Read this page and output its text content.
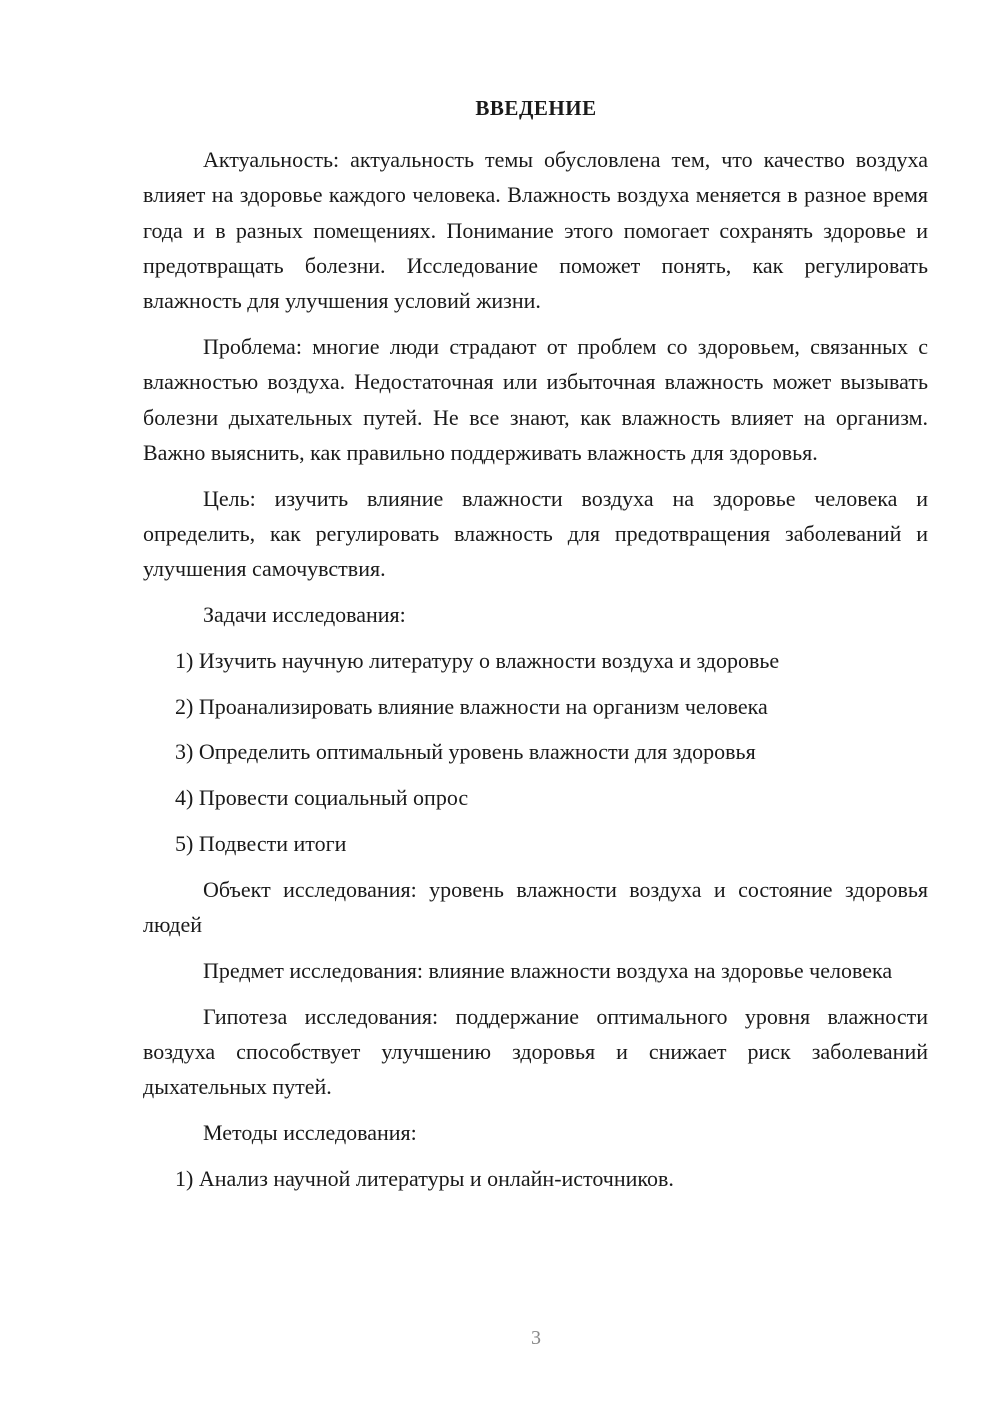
ВВЕДЕНИЕ

Актуальность: актуальность темы обусловлена тем, что качество воздуха влияет на здоровье каждого человека. Влажность воздуха меняется в разное время года и в разных помещениях. Понимание этого помогает сохранять здоровье и предотвращать болезни. Исследование поможет понять, как регулировать влажность для улучшения условий жизни.

Проблема: многие люди страдают от проблем со здоровьем, связанных с влажностью воздуха. Недостаточная или избыточная влажность может вызывать болезни дыхательных путей. Не все знают, как влажность влияет на организм. Важно выяснить, как правильно поддерживать влажность для здоровья.

Цель: изучить влияние влажности воздуха на здоровье человека и определить, как регулировать влажность для предотвращения заболеваний и улучшения самочувствия.

Задачи исследования:

1) Изучить научную литературу о влажности воздуха и здоровье
2) Проанализировать влияние влажности на организм человека
3) Определить оптимальный уровень влажности для здоровья
4) Провести социальный опрос
5) Подвести итоги

Объект исследования: уровень влажности воздуха и состояние здоровья людей

Предмет исследования: влияние влажности воздуха на здоровье человека

Гипотеза исследования: поддержание оптимального уровня влажности воздуха способствует улучшению здоровья и снижает риск заболеваний дыхательных путей.

Методы исследования:

1) Анализ научной литературы и онлайн-источников.
3
